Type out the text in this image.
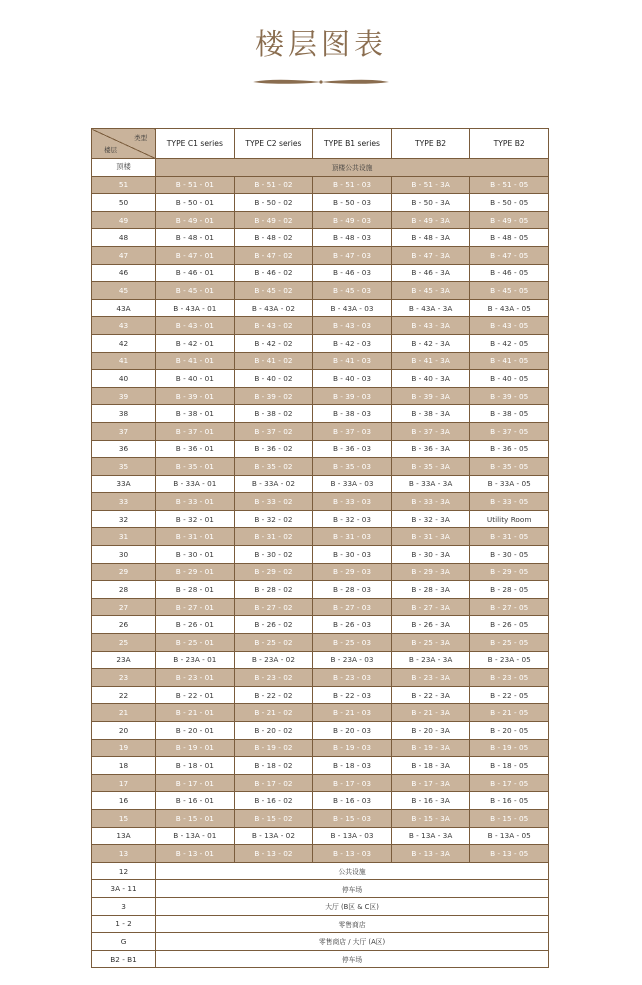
楼层图表
类型
楼层	TYPE C1 series	TYPE C2 series	TYPE B1 series	TYPE B2	TYPE B2
顶楼	顶楼公共设施				
51	B - 51 - 01	B - 51 - 02	B - 51 - 03	B - 51 - 3A	B - 51 - 05
50	B - 50 - 01	B - 50 - 02	B - 50 - 03	B - 50 - 3A	B - 50 - 05
49	B - 49 - 01	B - 49 - 02	B - 49 - 03	B - 49 - 3A	B - 49 - 05
48	B - 48 - 01	B - 48 - 02	B - 48 - 03	B - 48 - 3A	B - 48 - 05
47	B - 47 - 01	B - 47 - 02	B - 47 - 03	B - 47 - 3A	B - 47 - 05
46	B - 46 - 01	B - 46 - 02	B - 46 - 03	B - 46 - 3A	B - 46 - 05
45	B - 45 - 01	B - 45 - 02	B - 45 - 03	B - 45 - 3A	B - 45 - 05
43A	B - 43A - 01	B - 43A - 02	B - 43A - 03	B - 43A - 3A	B - 43A - 05
43	B - 43 - 01	B - 43 - 02	B - 43 - 03	B - 43 - 3A	B - 43 - 05
42	B - 42 - 01	B - 42 - 02	B - 42 - 03	B - 42 - 3A	B - 42 - 05
41	B - 41 - 01	B - 41 - 02	B - 41 - 03	B - 41 - 3A	B - 41 - 05
40	B - 40 - 01	B - 40 - 02	B - 40 - 03	B - 40 - 3A	B - 40 - 05
39	B - 39 - 01	B - 39 - 02	B - 39 - 03	B - 39 - 3A	B - 39 - 05
38	B - 38 - 01	B - 38 - 02	B - 38 - 03	B - 38 - 3A	B - 38 - 05
37	B - 37 - 01	B - 37 - 02	B - 37 - 03	B - 37 - 3A	B - 37 - 05
36	B - 36 - 01	B - 36 - 02	B - 36 - 03	B - 36 - 3A	B - 36 - 05
35	B - 35 - 01	B - 35 - 02	B - 35 - 03	B - 35 - 3A	B - 35 - 05
33A	B - 33A - 01	B - 33A - 02	B - 33A - 03	B - 33A - 3A	B - 33A - 05
33	B - 33 - 01	B - 33 - 02	B - 33 - 03	B - 33 - 3A	B - 33 - 05
32	B - 32 - 01	B - 32 - 02	B - 32 - 03	B - 32 - 3A	Utility Room
31	B - 31 - 01	B - 31 - 02	B - 31 - 03	B - 31 - 3A	B - 31 - 05
30	B - 30 - 01	B - 30 - 02	B - 30 - 03	B - 30 - 3A	B - 30 - 05
29	B - 29 - 01	B - 29 - 02	B - 29 - 03	B - 29 - 3A	B - 29 - 05
28	B - 28 - 01	B - 28 - 02	B - 28 - 03	B - 28 - 3A	B - 28 - 05
27	B - 27 - 01	B - 27 - 02	B - 27 - 03	B - 27 - 3A	B - 27 - 05
26	B - 26 - 01	B - 26 - 02	B - 26 - 03	B - 26 - 3A	B - 26 - 05
25	B - 25 - 01	B - 25 - 02	B - 25 - 03	B - 25 - 3A	B - 25 - 05
23A	B - 23A - 01	B - 23A - 02	B - 23A - 03	B - 23A - 3A	B - 23A - 05
23	B - 23 - 01	B - 23 - 02	B - 23 - 03	B - 23 - 3A	B - 23 - 05
22	B - 22 - 01	B - 22 - 02	B - 22 - 03	B - 22 - 3A	B - 22 - 05
21	B - 21 - 01	B - 21 - 02	B - 21 - 03	B - 21 - 3A	B - 21 - 05
20	B - 20 - 01	B - 20 - 02	B - 20 - 03	B - 20 - 3A	B - 20 - 05
19	B - 19 - 01	B - 19 - 02	B - 19 - 03	B - 19 - 3A	B - 19 - 05
18	B - 18 - 01	B - 18 - 02	B - 18 - 03	B - 18 - 3A	B - 18 - 05
17	B - 17 - 01	B - 17 - 02	B - 17 - 03	B - 17 - 3A	B - 17 - 05
16	B - 16 - 01	B - 16 - 02	B - 16 - 03	B - 16 - 3A	B - 16 - 05
15	B - 15 - 01	B - 15 - 02	B - 15 - 03	B - 15 - 3A	B - 15 - 05
13A	B - 13A - 01	B - 13A - 02	B - 13A - 03	B - 13A - 3A	B - 13A - 05
13	B - 13 - 01	B - 13 - 02	B - 13 - 03	B - 13 - 3A	B - 13 - 05
12	公共设施				
3A - 11	停车场				
3	大厅 (B区 & C区)				
1 - 2	零售商店				
G	零售商店 / 大厅 (A区)				
B2 - B1	停车场				
